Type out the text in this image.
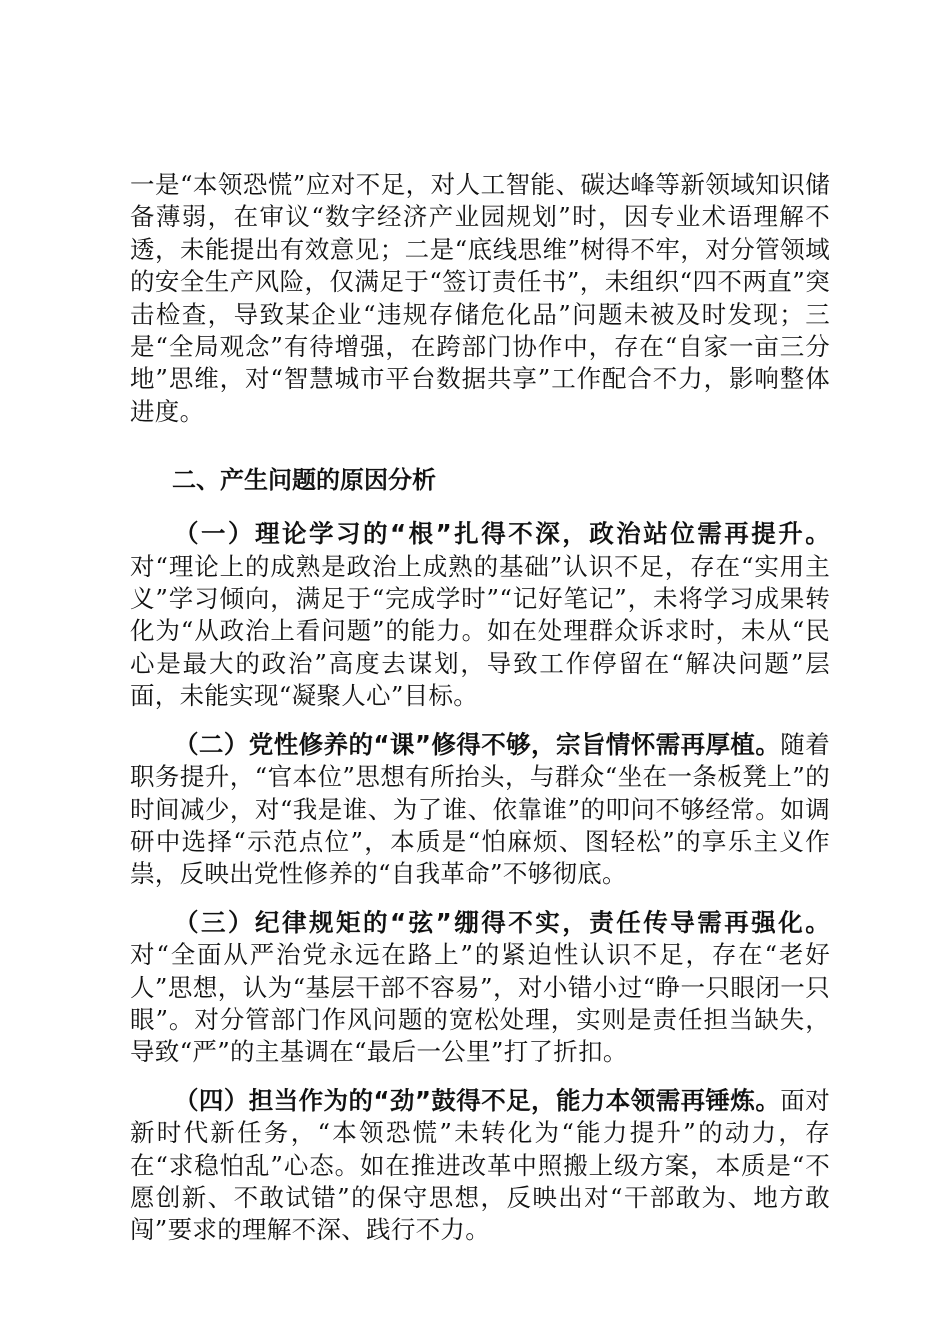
一是“本领恐慌”应对不足，对人工智能、碳达峰等新领域知识储备薄弱，在审议“数字经济产业园规划”时，因专业术语理解不透，未能提出有效意见；二是“底线思维”树得不牢，对分管领域的安全生产风险，仅满足于“签订责任书”，未组织“四不两直”突击检查，导致某企业“违规存储危化品”问题未被及时发现；三是“全局观念”有待增强，在跨部门协作中，存在“自家一亩三分地”思维，对“智慧城市平台数据共享”工作配合不力，影响整体进度。

二、产生问题的原因分析

（一）理论学习的“根”扎得不深，政治站位需再提升。对“理论上的成熟是政治上成熟的基础”认识不足，存在“实用主义”学习倾向，满足于“完成学时”“记好笔记”，未将学习成果转化为“从政治上看问题”的能力。如在处理群众诉求时，未从“民心是最大的政治”高度去谋划，导致工作停留在“解决问题”层面，未能实现“凝聚人心”目标。

（二）党性修养的“课”修得不够，宗旨情怀需再厚植。随着职务提升，“官本位”思想有所抬头，与群众“坐在一条板凳上”的时间减少，对“我是谁、为了谁、依靠谁”的叩问不够经常。如调研中选择“示范点位”，本质是“怕麻烦、图轻松”的享乐主义作祟，反映出党性修养的“自我革命”不够彻底。

（三）纪律规矩的“弦”绷得不实，责任传导需再强化。对“全面从严治党永远在路上”的紧迫性认识不足，存在“老好人”思想，认为“基层干部不容易”，对小错小过“睁一只眼闭一只眼”。对分管部门作风问题的宽松处理，实则是责任担当缺失，导致“严”的主基调在“最后一公里”打了折扣。

（四）担当作为的“劲”鼓得不足，能力本领需再锤炼。面对新时代新任务，“本领恐慌”未转化为“能力提升”的动力，存在“求稳怕乱”心态。如在推进改革中照搬上级方案，本质是“不愿创新、不敢试错”的保守思想，反映出对“干部敢为、地方敢闯”要求的理解不深、践行不力。
